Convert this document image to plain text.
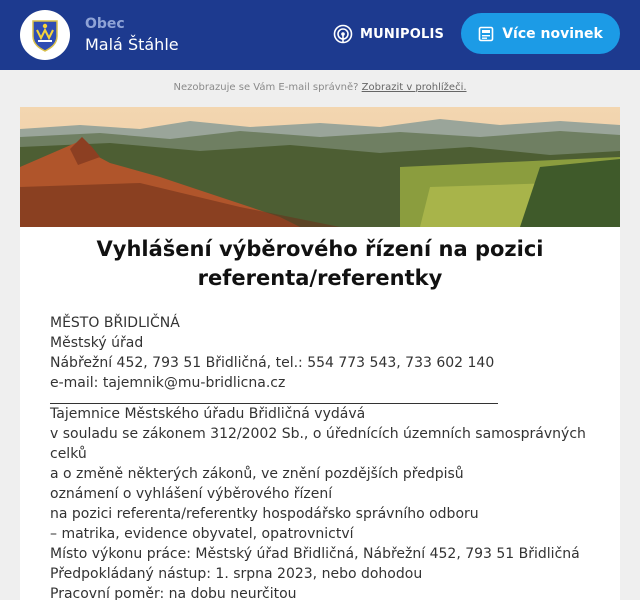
Obec
Malá Štáhle
MUNIPOLIS	Více novinek
Nezobrazuje se Vám E-mail správně? Zobrazit v prohlížeči.
Vyhlášení výběrového řízení na pozici referenta/referentky
MĚSTO BŘIDLIČNÁ
Městský úřad
Nábřežní 452, 793 51 Břidličná, tel.: 554 773 543, 733 602 140
e-mail: tajemnik@mu-bridlicna.cz
Tajemnice Městského úřadu Břidličná vydává
v souladu se zákonem 312/2002 Sb., o úřednících územních samosprávných celků
a o změně některých zákonů, ve znění pozdějších předpisů
oznámení o vyhlášení výběrového řízení
na pozici referenta/referentky hospodářsko správního odboru
– matrika, evidence obyvatel, opatrovnictví
Místo výkonu práce: Městský úřad Břidličná, Nábřežní 452, 793 51 Břidličná
Předpokládaný nástup: 1. srpna 2023, nebo dohodou
Pracovní poměr: na dobu neurčitou
